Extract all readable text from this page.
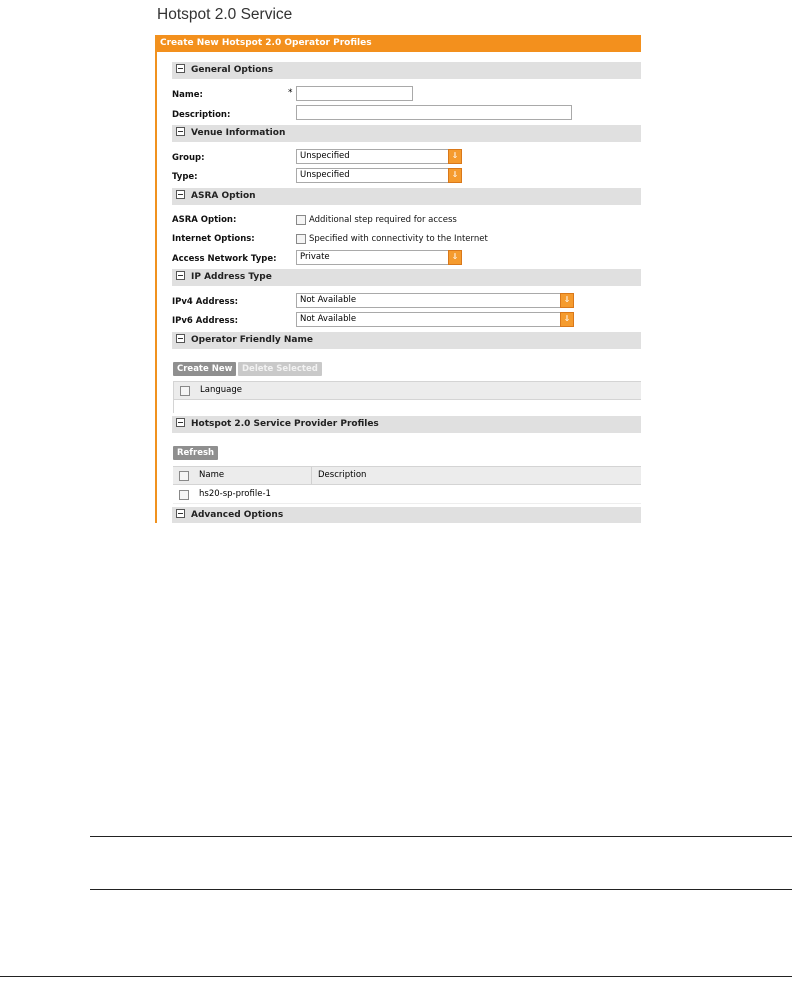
Hotspot 2.0 Service
Create New Hotspot 2.0 Operator Profiles
General Options
Name:	*
Description:
Venue Information
Group:	Unspecified	⇓
Type:	Unspecified	⇓
ASRA Option
ASRA Option:	Additional step required for access
Internet Options:	Specified with connectivity to the Internet
Access Network Type:	Private	⇓
IP Address Type
IPv4 Address:	Not Available	⇓
IPv6 Address:	Not Available	⇓
Operator Friendly Name
Create New	Delete Selected
Language
Hotspot 2.0 Service Provider Profiles
Refresh
Name	Description
hs20-sp-profile-1
Advanced Options
